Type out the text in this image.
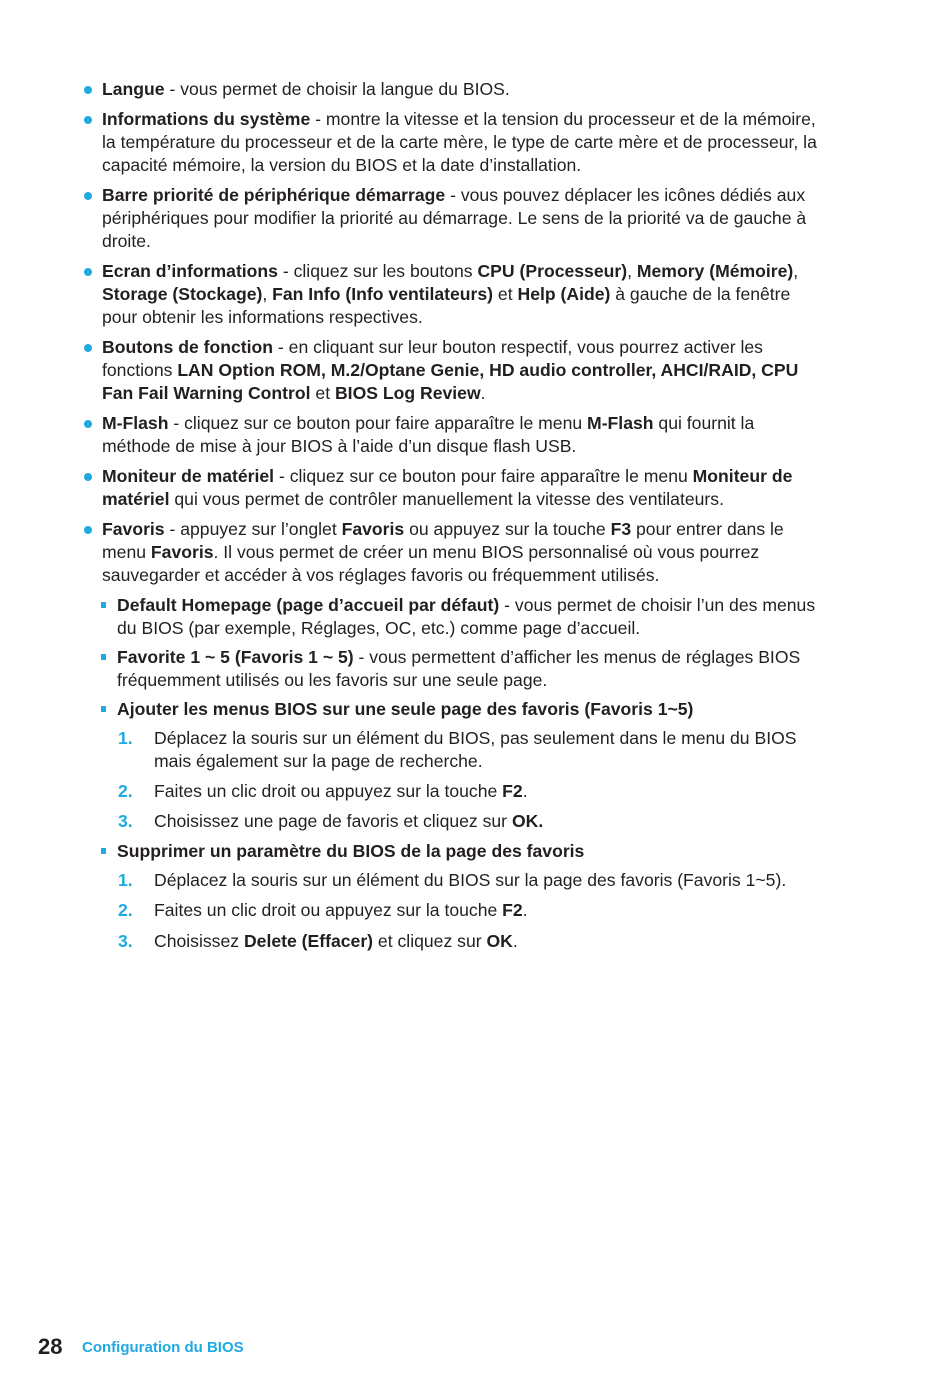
Langue - vous permet de choisir la langue du BIOS.
Informations du système - montre la vitesse et la tension du processeur et de la mémoire, la température du processeur et de la carte mère, le type de carte mère et de processeur, la capacité mémoire, la version du BIOS et la date d’installation.
Barre priorité de périphérique démarrage - vous pouvez déplacer les icônes dédiés aux périphériques pour modifier la priorité au démarrage. Le sens de la priorité va de gauche à droite.
Ecran d’informations - cliquez sur les boutons CPU (Processeur), Memory (Mémoire), Storage (Stockage), Fan Info (Info ventilateurs) et Help (Aide) à gauche de la fenêtre pour obtenir les informations respectives.
Boutons de fonction - en cliquant sur leur bouton respectif, vous pourrez activer les fonctions LAN Option ROM, M.2/Optane Genie, HD audio controller, AHCI/RAID, CPU Fan Fail Warning Control et BIOS Log Review.
M-Flash - cliquez sur ce bouton pour faire apparaître le menu M-Flash qui fournit la méthode de mise à jour BIOS à l’aide d’un disque flash USB.
Moniteur de matériel - cliquez sur ce bouton pour faire apparaître le menu Moniteur de matériel qui vous permet de contrôler manuellement la vitesse des ventilateurs.
Favoris - appuyez sur l’onglet Favoris ou appuyez sur la touche F3 pour entrer dans le menu Favoris. Il vous permet de créer un menu BIOS personnalisé où vous pourrez sauvegarder et accéder à vos réglages favoris ou fréquemment utilisés.
Default Homepage (page d’accueil par défaut) - vous permet de choisir l’un des menus du BIOS (par exemple, Réglages, OC, etc.) comme page d’accueil.
Favorite 1 ~ 5 (Favoris 1 ~ 5) - vous permettent d’afficher les menus de réglages BIOS fréquemment utilisés ou les favoris sur une seule page.
Ajouter les menus BIOS sur une seule page des favoris (Favoris 1~5)
1. Déplacez la souris sur un élément du BIOS, pas seulement dans le menu du BIOS mais également sur la page de recherche.
2. Faites un clic droit ou appuyez sur la touche F2.
3. Choisissez une page de favoris et cliquez sur OK.
Supprimer un paramètre du BIOS de la page des favoris
1. Déplacez la souris sur un élément du BIOS sur la page des favoris (Favoris 1~5).
2. Faites un clic droit ou appuyez sur la touche F2.
3. Choisissez Delete (Effacer) et cliquez sur OK.
28 Configuration du BIOS
